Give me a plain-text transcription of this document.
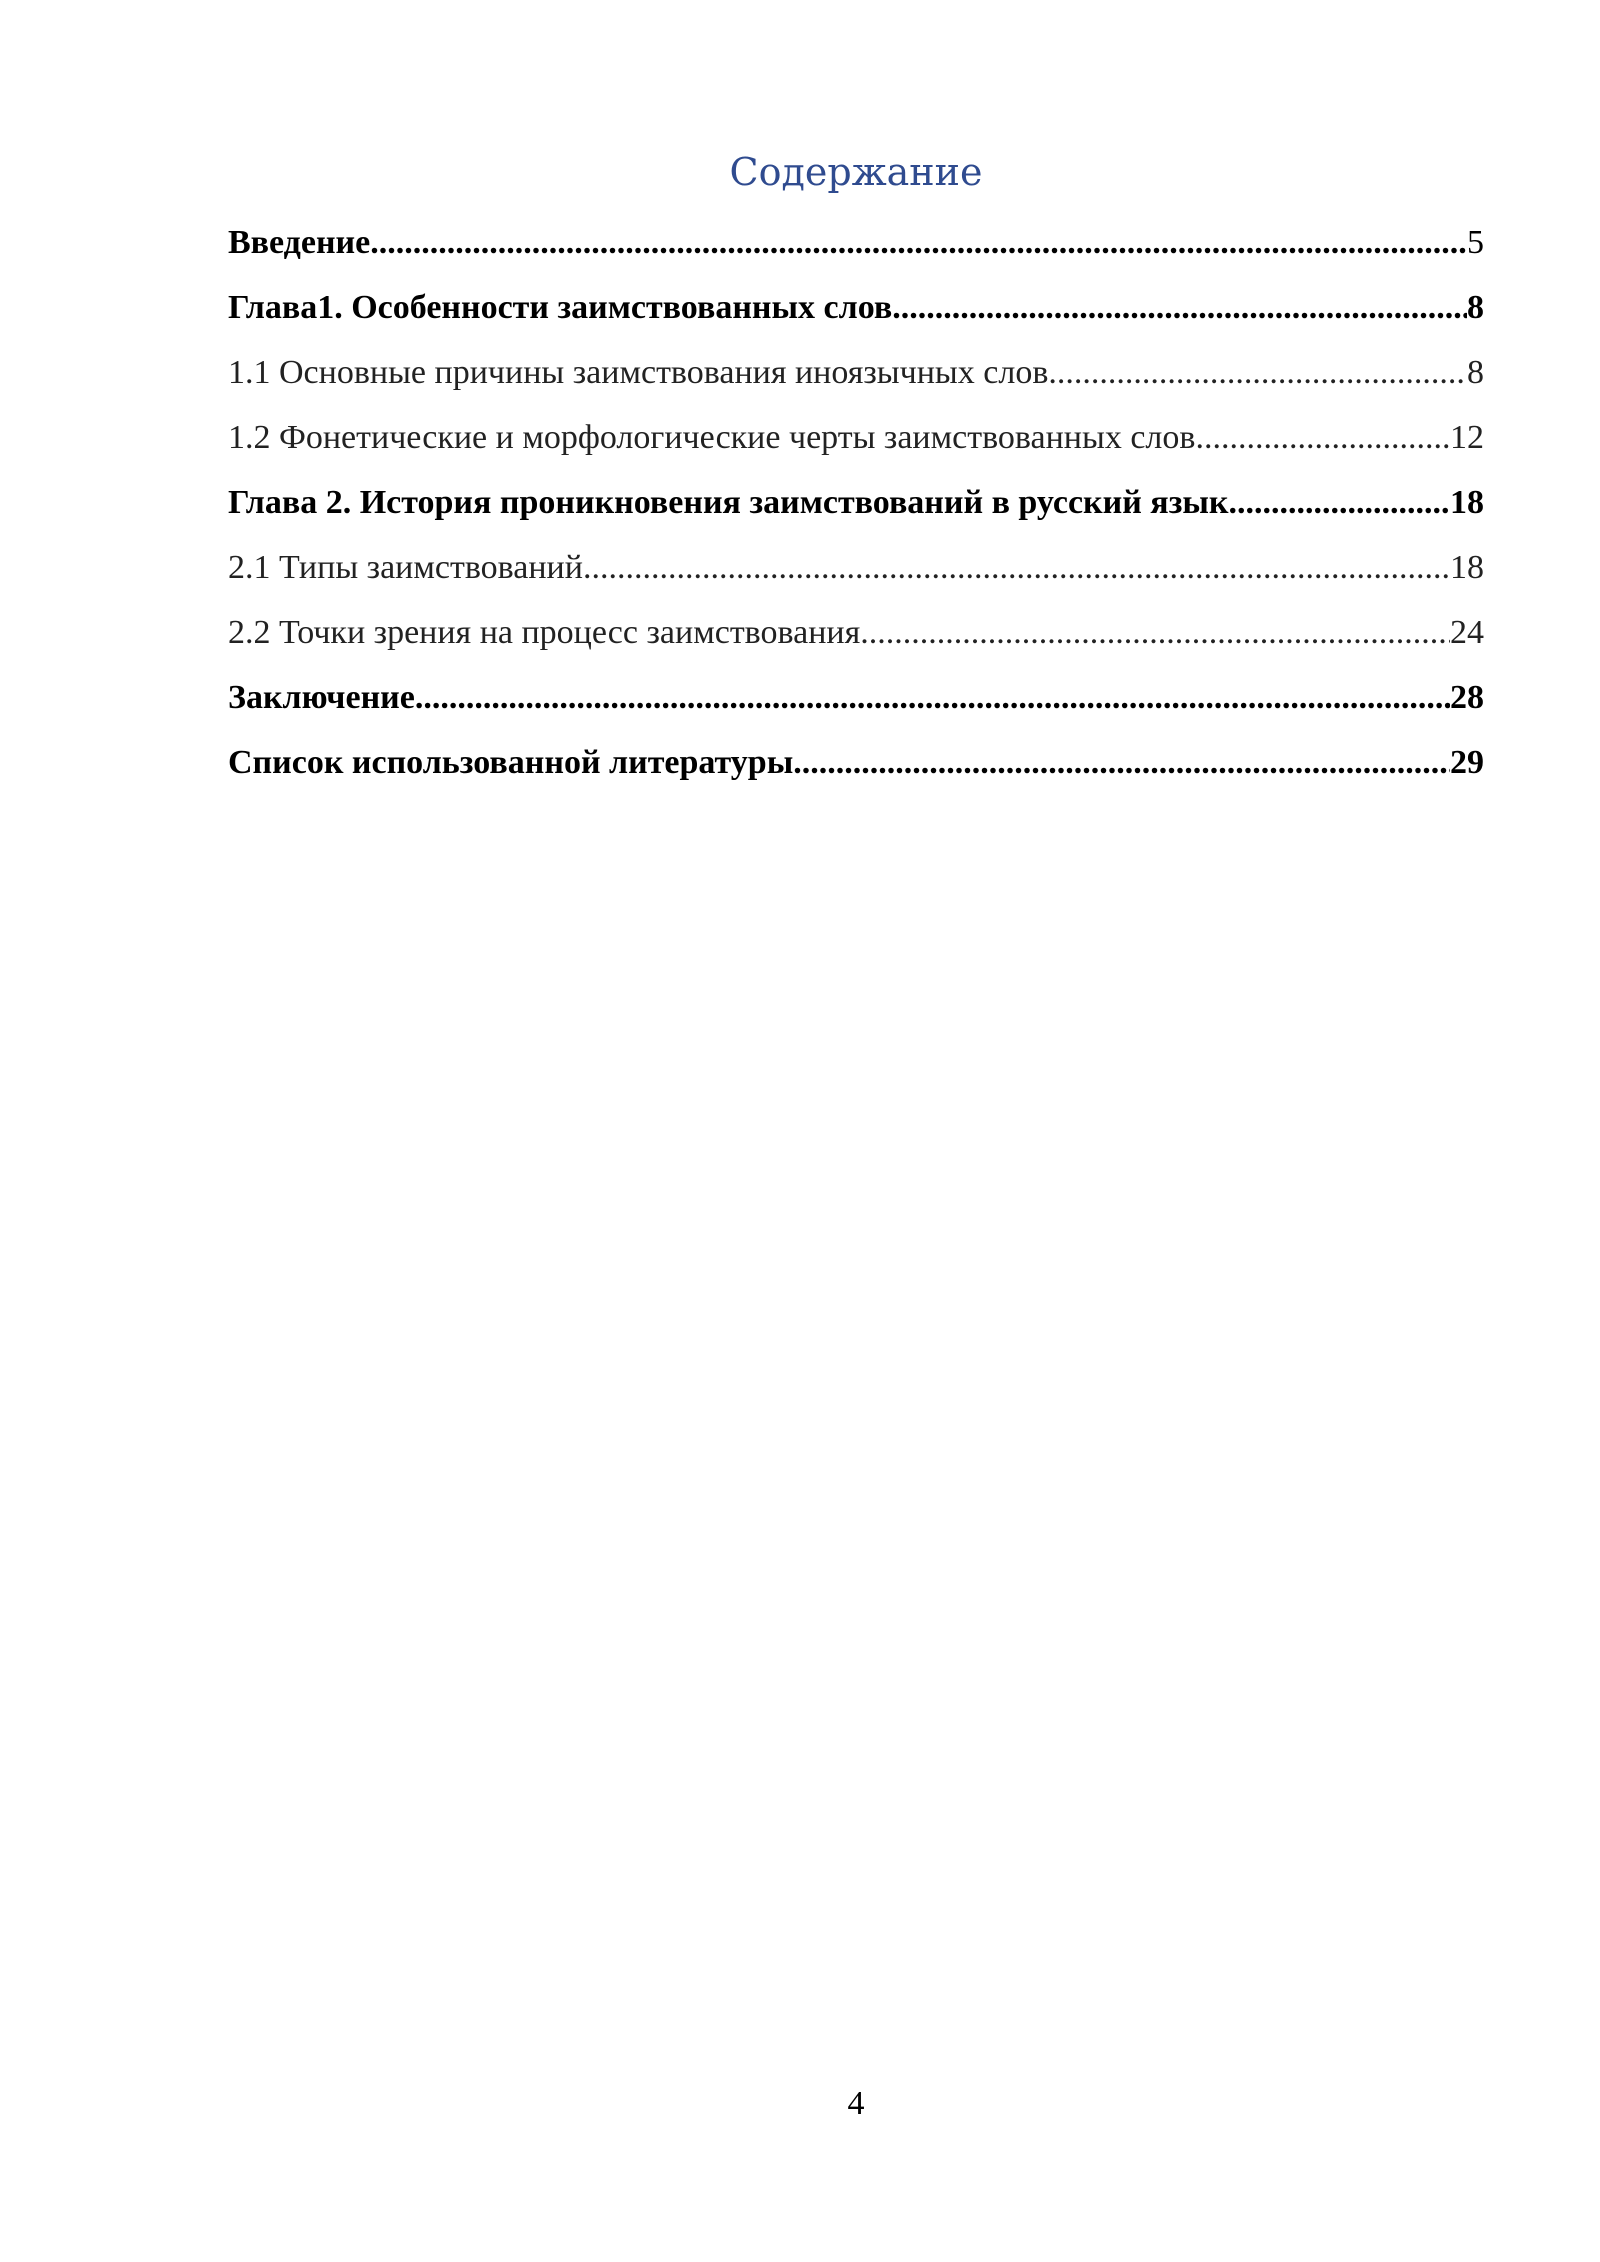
Содержание
Введение .....	5
Глава1. Особенности заимствованных слов .....	8
1.1 Основные причины заимствования иноязычных слов .....	8
1.2 Фонетические и морфологические черты заимствованных слов .....	12
Глава 2. История проникновения заимствований в русский язык .....	18
2.1 Типы заимствований .....	18
2.2 Точки зрения на процесс заимствования .....	24
Заключение .....	28
Список использованной литературы .....	29
4
